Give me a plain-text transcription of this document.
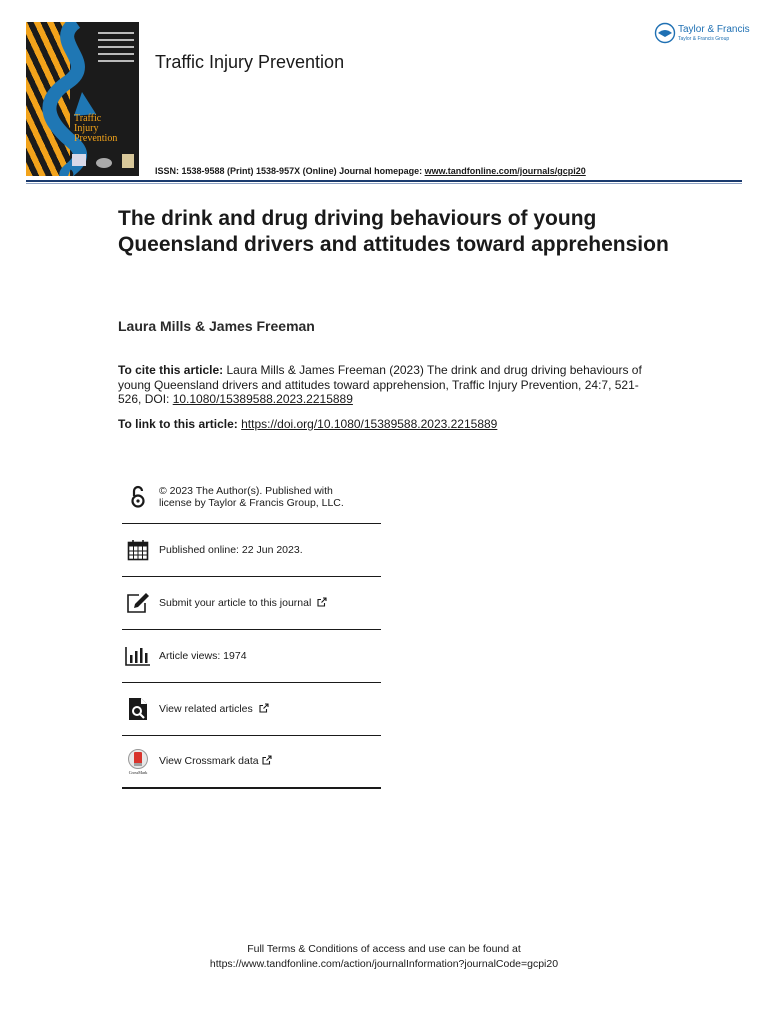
Traffic
Injury
Prevention
Traffic Injury Prevention
Taylor & Francis
Taylor & Francis Group
ISSN: 1538-9588 (Print) 1538-957X (Online) Journal homepage: www.tandfonline.com/journals/gcpi20
The drink and drug driving behaviours of young Queensland drivers and attitudes toward apprehension
Laura Mills & James Freeman
To cite this article: Laura Mills & James Freeman (2023) The drink and drug driving behaviours of young Queensland drivers and attitudes toward apprehension, Traffic Injury Prevention, 24:7, 521-526, DOI: 10.1080/15389588.2023.2215889
To link to this article: https://doi.org/10.1080/15389588.2023.2215889
© 2023 The Author(s). Published with license by Taylor & Francis Group, LLC.
Published online: 22 Jun 2023.
Submit your article to this journal
Article views: 1974
View related articles
CrossMark
View Crossmark data
Full Terms & Conditions of access and use can be found at
https://www.tandfonline.com/action/journalInformation?journalCode=gcpi20
